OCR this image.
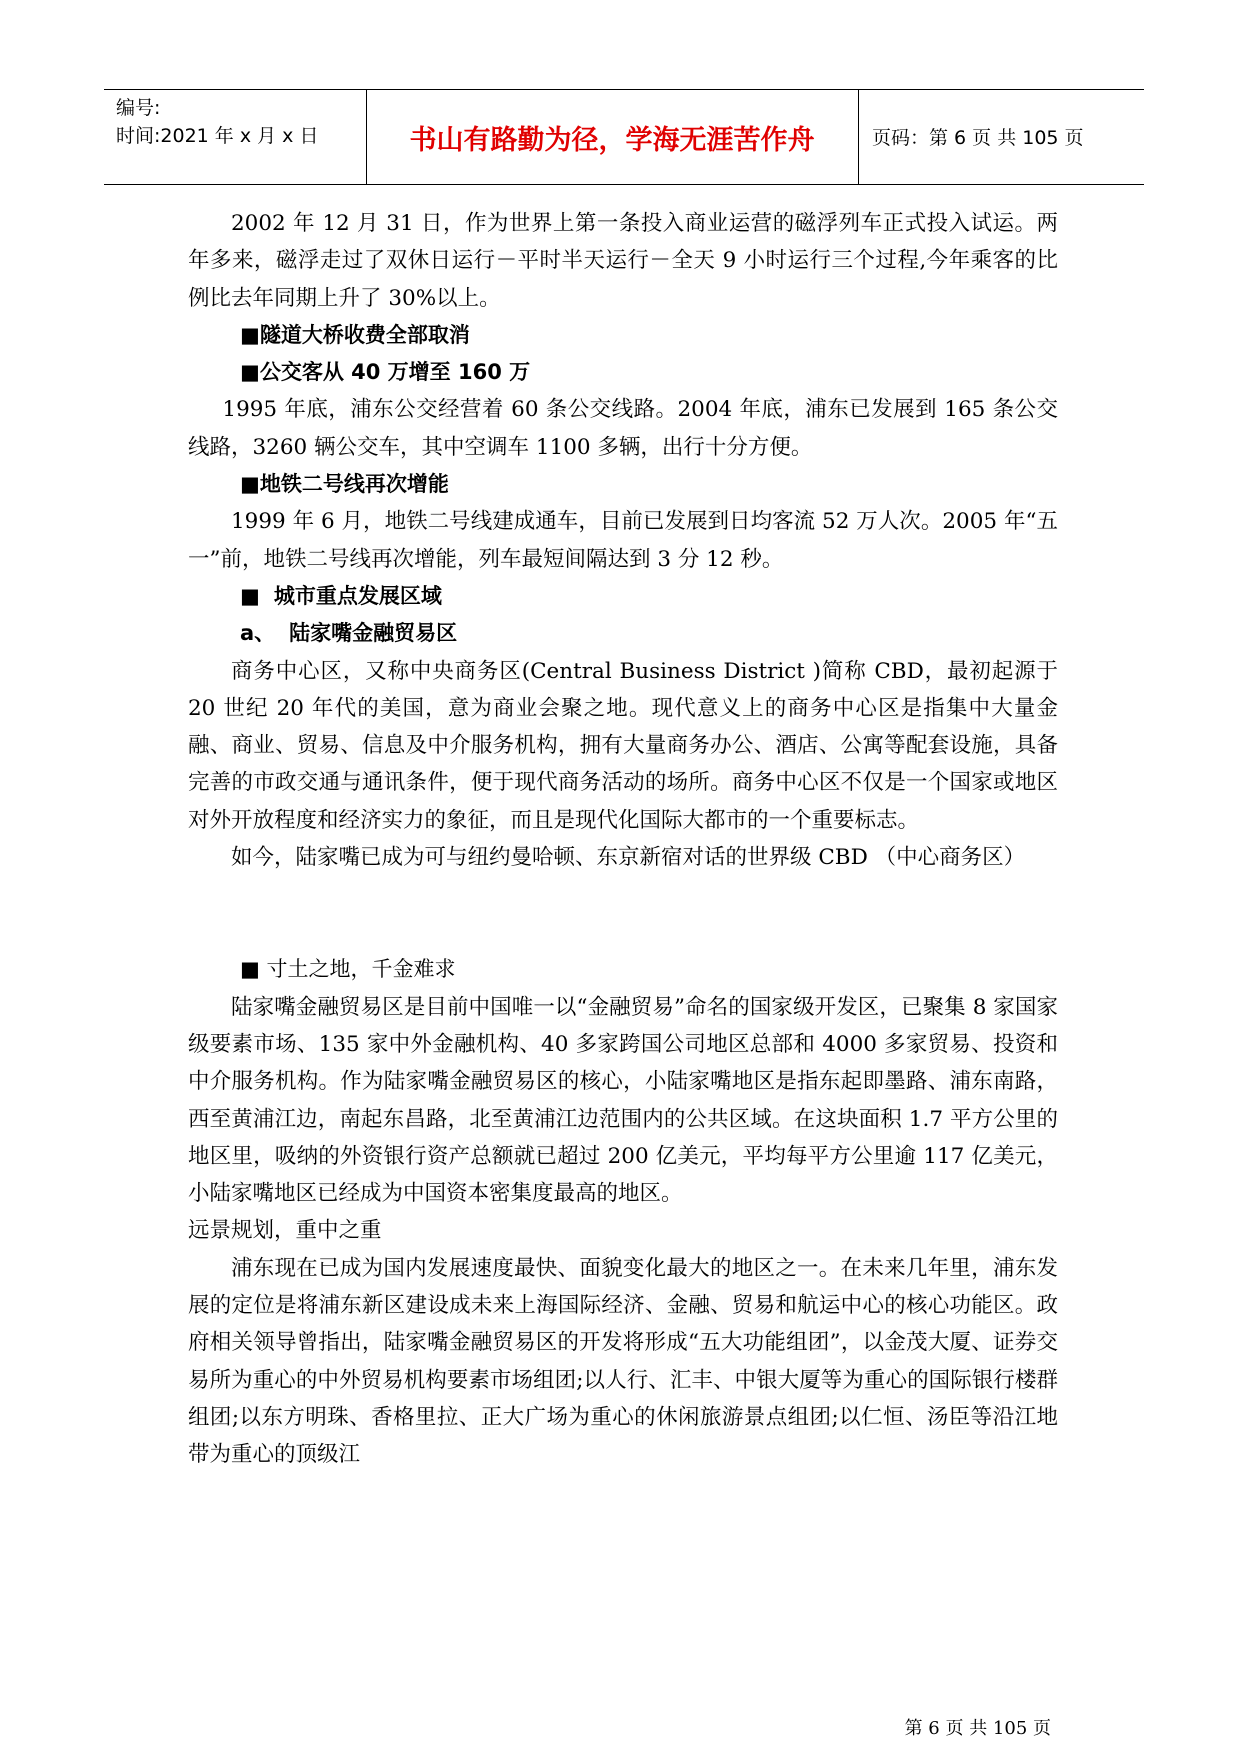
编号:
时间:2021 年 x 月 x 日	书山有路勤为径，学海无涯苦作舟	页码：第 6 页 共 105 页

2002 年 12 月 31 日，作为世界上第一条投入商业运营的磁浮列车正式投入试运。两年多来，磁浮走过了双休日运行－平时半天运行－全天 9 小时运行三个过程,今年乘客的比例比去年同期上升了 30%以上。

■隧道大桥收费全部取消

■公交客从 40 万增至 160 万

1995 年底，浦东公交经营着 60 条公交线路。2004 年底，浦东已发展到 165 条公交线路，3260 辆公交车，其中空调车 1100 多辆，出行十分方便。

■地铁二号线再次增能

1999 年 6 月，地铁二号线建成通车，目前已发展到日均客流 52 万人次。2005 年“五一”前，地铁二号线再次增能，列车最短间隔达到 3 分 12 秒。

■ 城市重点发展区域

a、 陆家嘴金融贸易区

商务中心区，又称中央商务区(Central Business District )简称 CBD，最初起源于 20 世纪 20 年代的美国，意为商业会聚之地。现代意义上的商务中心区是指集中大量金融、商业、贸易、信息及中介服务机构，拥有大量商务办公、酒店、公寓等配套设施，具备完善的市政交通与通讯条件，便于现代商务活动的场所。商务中心区不仅是一个国家或地区对外开放程度和经济实力的象征，而且是现代化国际大都市的一个重要标志。

如今，陆家嘴已成为可与纽约曼哈顿、东京新宿对话的世界级 CBD （中心商务区）

■ 寸土之地，千金难求

陆家嘴金融贸易区是目前中国唯一以“金融贸易”命名的国家级开发区，已聚集 8 家国家级要素市场、135 家中外金融机构、40 多家跨国公司地区总部和 4000 多家贸易、投资和中介服务机构。作为陆家嘴金融贸易区的核心，小陆家嘴地区是指东起即墨路、浦东南路，西至黄浦江边，南起东昌路，北至黄浦江边范围内的公共区域。在这块面积 1.7 平方公里的地区里，吸纳的外资银行资产总额就已超过 200 亿美元，平均每平方公里逾 117 亿美元，小陆家嘴地区已经成为中国资本密集度最高的地区。

远景规划，重中之重

浦东现在已成为国内发展速度最快、面貌变化最大的地区之一。在未来几年里，浦东发展的定位是将浦东新区建设成未来上海国际经济、金融、贸易和航运中心的核心功能区。政府相关领导曾指出，陆家嘴金融贸易区的开发将形成“五大功能组团”，以金茂大厦、证券交易所为重心的中外贸易机构要素市场组团;以人行、汇丰、中银大厦等为重心的国际银行楼群组团;以东方明珠、香格里拉、正大广场为重心的休闲旅游景点组团;以仁恒、汤臣等沿江地带为重心的顶级江

第 6 页 共 105 页
